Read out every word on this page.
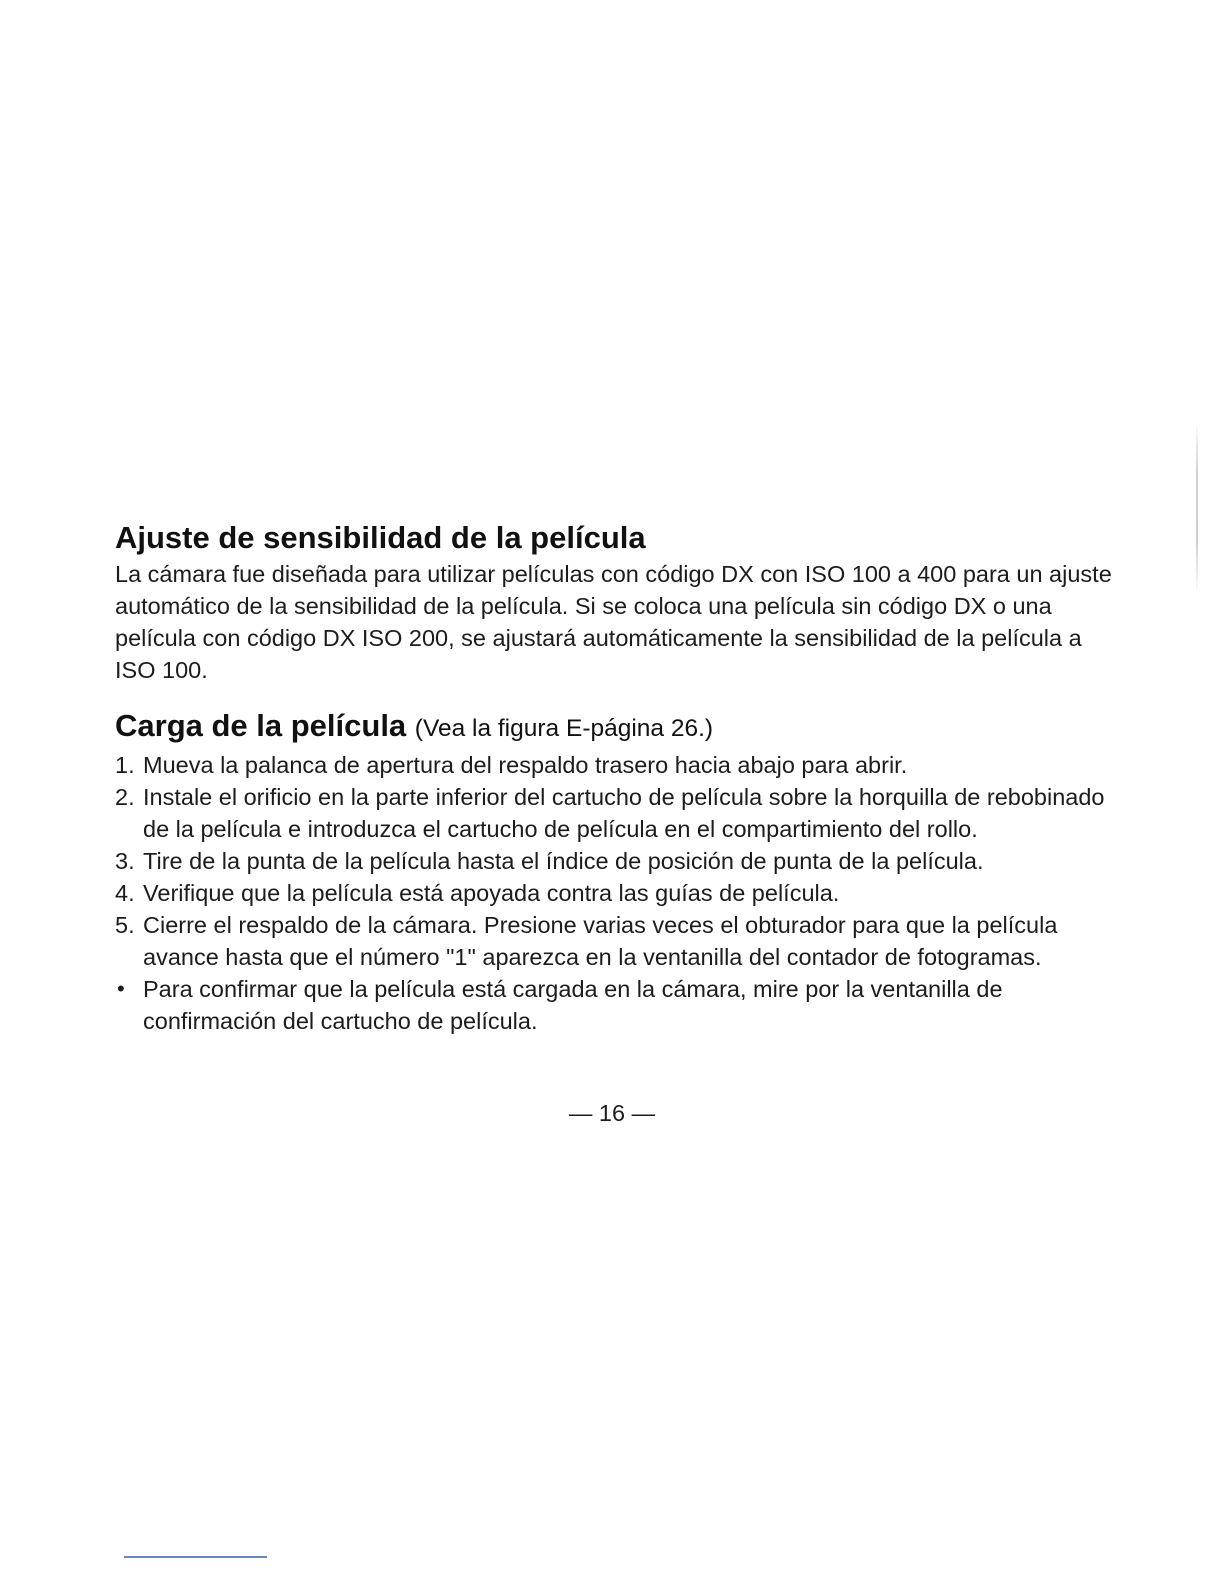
Ajuste de sensibilidad de la película

La cámara fue diseñada para utilizar películas con código DX con ISO 100 a 400 para un ajuste automático de la sensibilidad de la película. Si se coloca una película sin código DX o una película con código DX ISO 200, se ajustará automáticamente la sensibilidad de la película a ISO 100.

Carga de la película (Vea la figura E-página 26.)
1. Mueva la palanca de apertura del respaldo trasero hacia abajo para abrir.
2. Instale el orificio en la parte inferior del cartucho de película sobre la horquilla de rebobinado de la película e introduzca el cartucho de película en el compartimiento del rollo.
3. Tire de la punta de la película hasta el índice de posición de punta de la película.
4. Verifique que la película está apoyada contra las guías de película.
5. Cierre el respaldo de la cámara. Presione varias veces el obturador para que la película avance hasta que el número "1" aparezca en la ventanilla del contador de fotogramas.
• Para confirmar que la película está cargada en la cámara, mire por la ventanilla de confirmación del cartucho de película.
— 16 —
